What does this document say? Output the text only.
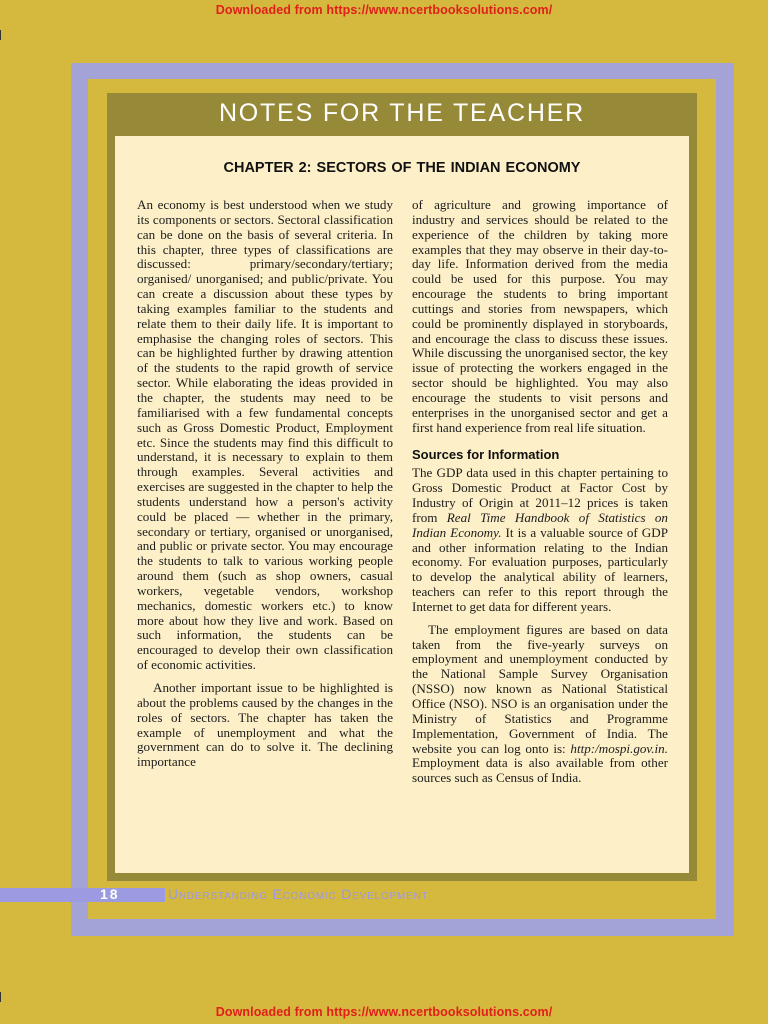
Downloaded from https://www.ncertbooksolutions.com/
NOTES FOR THE TEACHER
CHAPTER 2: SECTORS OF THE INDIAN ECONOMY

An economy is best understood when we study its components or sectors. Sectoral classification can be done on the basis of several criteria. In this chapter, three types of classifications are discussed: primary/secondary/tertiary; organised/ unorganised; and public/private. You can create a discussion about these types by taking examples familiar to the students and relate them to their daily life. It is important to emphasise the changing roles of sectors. This can be highlighted further by drawing attention of the students to the rapid growth of service sector. While elaborating the ideas provided in the chapter, the students may need to be familiarised with a few fundamental concepts such as Gross Domestic Product, Employment etc. Since the students may find this difficult to understand, it is necessary to explain to them through examples. Several activities and exercises are suggested in the chapter to help the students understand how a person's activity could be placed — whether in the primary, secondary or tertiary, organised or unorganised, and public or private sector. You may encourage the students to talk to various working people around them (such as shop owners, casual workers, vegetable vendors, workshop mechanics, domestic workers etc.) to know more about how they live and work. Based on such information, the students can be encouraged to develop their own classification of economic activities.

Another important issue to be highlighted is about the problems caused by the changes in the roles of sectors. The chapter has taken the example of unemployment and what the government can do to solve it. The declining importance

of agriculture and growing importance of industry and services should be related to the experience of the children by taking more examples that they may observe in their day-to-day life. Information derived from the media could be used for this purpose. You may encourage the students to bring important cuttings and stories from newspapers, which could be prominently displayed in storyboards, and encourage the class to discuss these issues. While discussing the unorganised sector, the key issue of protecting the workers engaged in the sector should be highlighted. You may also encourage the students to visit persons and enterprises in the unorganised sector and get a first hand experience from real life situation.

Sources for Information

The GDP data used in this chapter pertaining to Gross Domestic Product at Factor Cost by Industry of Origin at 2011–12 prices is taken from Real Time Handbook of Statistics on Indian Economy. It is a valuable source of GDP and other information relating to the Indian economy. For evaluation purposes, particularly to develop the analytical ability of learners, teachers can refer to this report through the Internet to get data for different years.

The employment figures are based on data taken from the five-yearly surveys on employment and unemployment conducted by the National Sample Survey Organisation (NSSO) now known as National Statistical Office (NSO). NSO is an organisation under the Ministry of Statistics and Programme Implementation, Government of India. The website you can log onto is: http:/mospi.gov.in. Employment data is also available from other sources such as Census of India.

18	Understanding Economic Development
Downloaded from https://www.ncertbooksolutions.com/
